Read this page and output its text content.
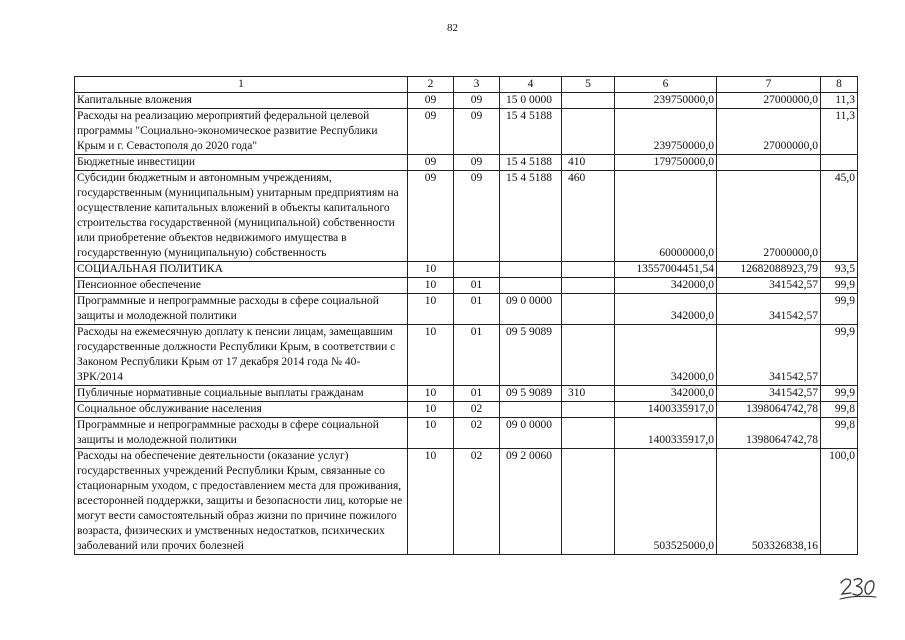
82
1	2	3	4	5	6	7	8
Капитальные вложения	09	09	15 0 0000		239750000,0	27000000,0	11,3
Расходы на реализацию мероприятий федеральной целевой программы "Социально-экономическое развитие Республики Крым и г. Севастополя до 2020 года"	09	09	15 4 5188		239750000,0	27000000,0	11,3
Бюджетные инвестиции	09	09	15 4 5188	410	179750000,0		
Субсидии бюджетным и автономным учреждениям, государственным (муниципальным) унитарным предприятиям на осуществление капитальных вложений в объекты капитального строительства государственной (муниципальной) собственности или приобретение объектов недвижимого имущества в государственную (муниципальную) собственность	09	09	15 4 5188	460	60000000,0	27000000,0	45,0
СОЦИАЛЬНАЯ ПОЛИТИКА	10				13557004451,54	12682088923,79	93,5
Пенсионное обеспечение	10	01			342000,0	341542,57	99,9
Программные и непрограммные расходы в сфере социальной защиты и молодежной политики	10	01	09 0 0000		342000,0	341542,57	99,9
Расходы на ежемесячную доплату к пенсии лицам, замещавшим государственные должности Республики Крым, в соответствии с Законом Республики Крым от 17 декабря 2014 года № 40-ЗРК/2014	10	01	09 5 9089		342000,0	341542,57	99,9
Публичные нормативные социальные выплаты гражданам	10	01	09 5 9089	310	342000,0	341542,57	99,9
Социальное обслуживание населения	10	02			1400335917,0	1398064742,78	99,8
Программные и непрограммные расходы в сфере социальной защиты и молодежной политики	10	02	09 0 0000		1400335917,0	1398064742,78	99,8
Расходы на обеспечение деятельности (оказание услуг) государственных учреждений Республики Крым, связанные со стационарным уходом, с предоставлением места для проживания, всесторонней поддержки, защиты и безопасности лиц, которые не могут вести самостоятельный образ жизни по причине пожилого возраста, физических и умственных недостатков, психических заболеваний или прочих болезней	10	02	09 2 0060		503525000,0	503326838,16	100,0
